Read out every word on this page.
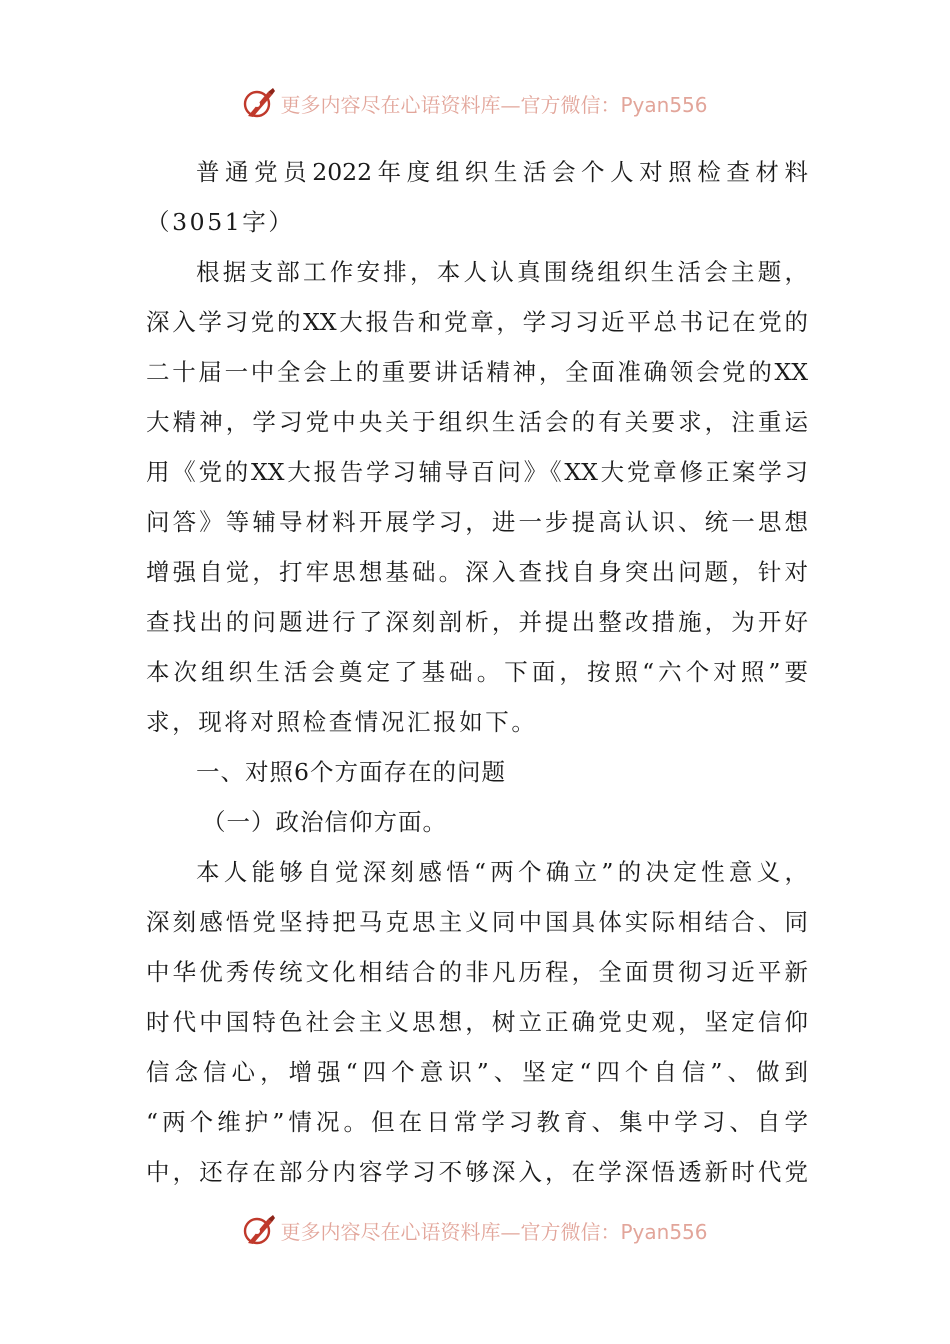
更多内容尽在心语资料库—官方微信：Pyan556
普通党员2022年度组织生活会个人对照检查材料
（3051字）
根据支部工作安排，本人认真围绕组织生活会主题，
深入学习党的XX大报告和党章，学习习近平总书记在党的
二十届一中全会上的重要讲话精神，全面准确领会党的XX
大精神，学习党中央关于组织生活会的有关要求，注重运
用《党的XX大报告学习辅导百问》《XX大党章修正案学习
问答》等辅导材料开展学习，进一步提高认识、统一思想
增强自觉，打牢思想基础。深入查找自身突出问题，针对
查找出的问题进行了深刻剖析，并提出整改措施，为开好
本次组织生活会奠定了基础。下面，按照“六个对照”要
求，现将对照检查情况汇报如下。
一、对照6个方面存在的问题
（一）政治信仰方面。
本人能够自觉深刻感悟“两个确立”的决定性意义，
深刻感悟党坚持把马克思主义同中国具体实际相结合、同
中华优秀传统文化相结合的非凡历程，全面贯彻习近平新
时代中国特色社会主义思想，树立正确党史观，坚定信仰
信念信心，增强“四个意识”、坚定“四个自信”、做到
“两个维护”情况。但在日常学习教育、集中学习、自学
中，还存在部分内容学习不够深入，在学深悟透新时代党
更多内容尽在心语资料库—官方微信：Pyan556
